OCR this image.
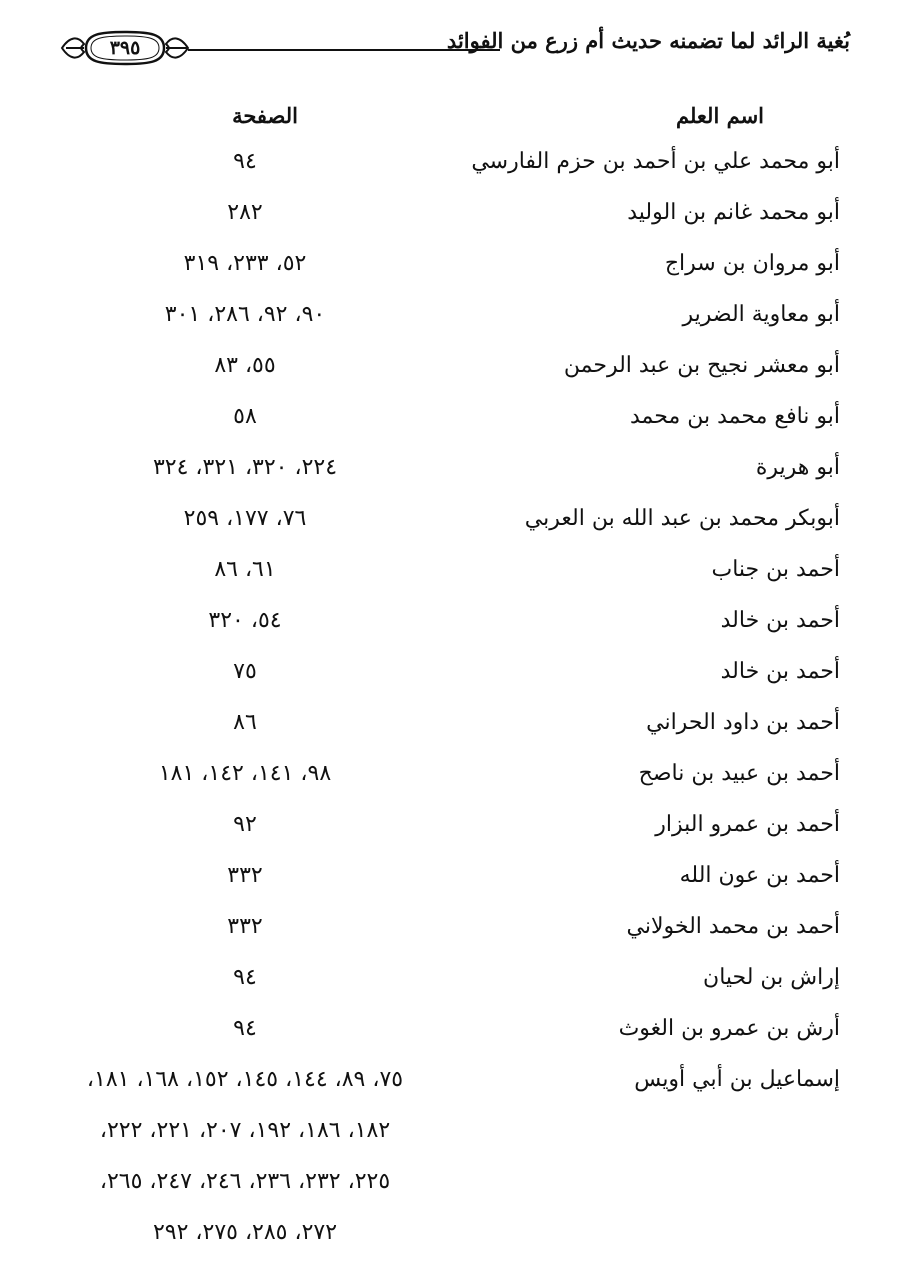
بُغية الرائد لما تضمنه حديث أم زرع من الفوائد
٣٩٥
اسم العلم
الصفحة
أبو محمد علي بن أحمد بن حزم الفارسي
٩٤
أبو محمد غانم بن الوليد
٢٨٢
أبو مروان بن سراج
٥٢، ٢٣٣، ٣١٩
أبو معاوية الضرير
٩٠، ٩٢، ٢٨٦، ٣٠١
أبو معشر نجيح بن عبد الرحمن
٥٥، ٨٣
أبو نافع محمد بن محمد
٥٨
أبو هريرة
٢٢٤، ٣٢٠، ٣٢١، ٣٢٤
أبوبكر محمد بن عبد الله بن العربي
٧٦، ١٧٧، ٢٥٩
أحمد بن جناب
٦١، ٨٦
أحمد بن خالد
٥٤، ٣٢٠
أحمد بن خالد
٧٥
أحمد بن داود الحراني
٨٦
أحمد بن عبيد بن ناصح
٩٨، ١٤١، ١٤٢، ١٨١
أحمد بن عمرو البزار
٩٢
أحمد بن عون الله
٣٣٢
أحمد بن محمد الخولاني
٣٣٢
إراش بن لحيان
٩٤
أرش بن عمرو بن الغوث
٩٤
إسماعيل بن أبي أويس
٧٥، ٨٩، ١٤٤، ١٤٥، ١٥٢، ١٦٨، ١٨١،
١٨٢، ١٨٦، ١٩٢، ٢٠٧، ٢٢١، ٢٢٢،
٢٢٥، ٢٣٢، ٢٣٦، ٢٤٦، ٢٤٧، ٢٦٥،
٢٧٢، ٢٨٥، ٢٧٥، ٢٩٢
